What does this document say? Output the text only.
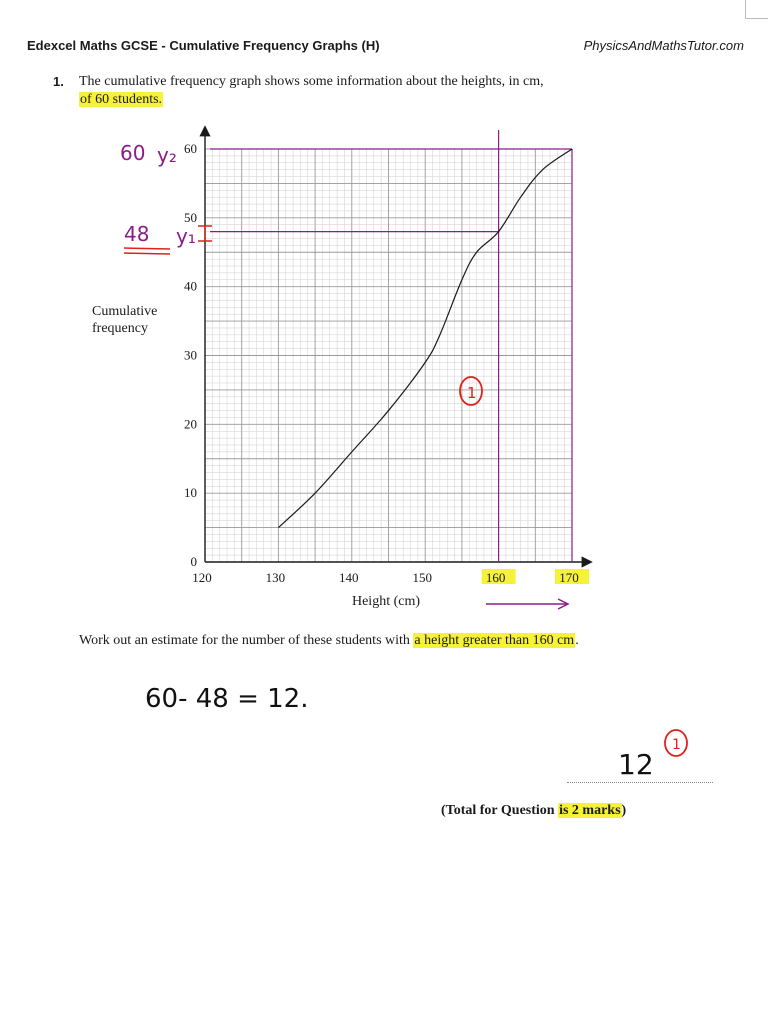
Edexcel Maths GCSE - Cumulative Frequency Graphs (H)	PhysicsAndMathsTutor.com
1. The cumulative frequency graph shows some information about the heights, in cm,
of 60 students.
120	130	140	150	160	170
0
10
20
30
40
50
60
Cumulative
frequency
Height (cm)
60 y₂
48 y₁
1
Work out an estimate for the number of these students with a height greater than 160 cm.
60- 48 = 12.
12
1
(Total for Question is 2 marks)
